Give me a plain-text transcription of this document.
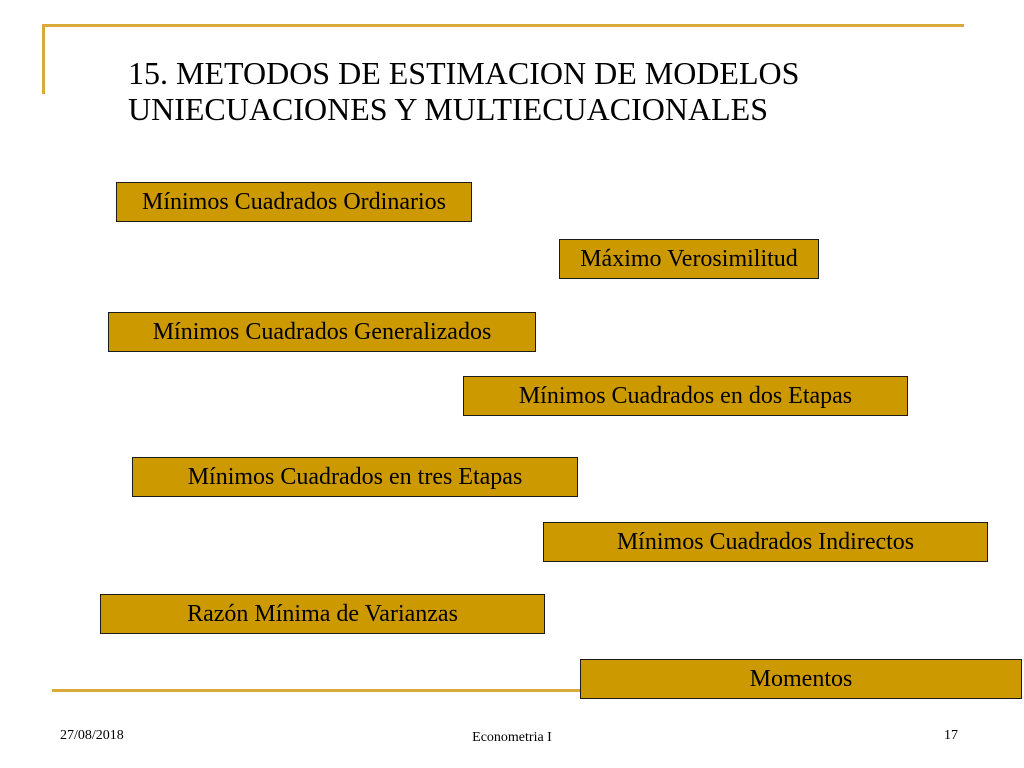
15. METODOS DE ESTIMACION DE MODELOS
UNIECUACIONES Y MULTIECUACIONALES
Mínimos Cuadrados Ordinarios
Máximo Verosimilitud
Mínimos Cuadrados Generalizados
Mínimos Cuadrados en dos Etapas
Mínimos Cuadrados en tres Etapas
Mínimos Cuadrados Indirectos
Razón Mínima de Varianzas
Momentos
27/08/2018	Econometria I	17
